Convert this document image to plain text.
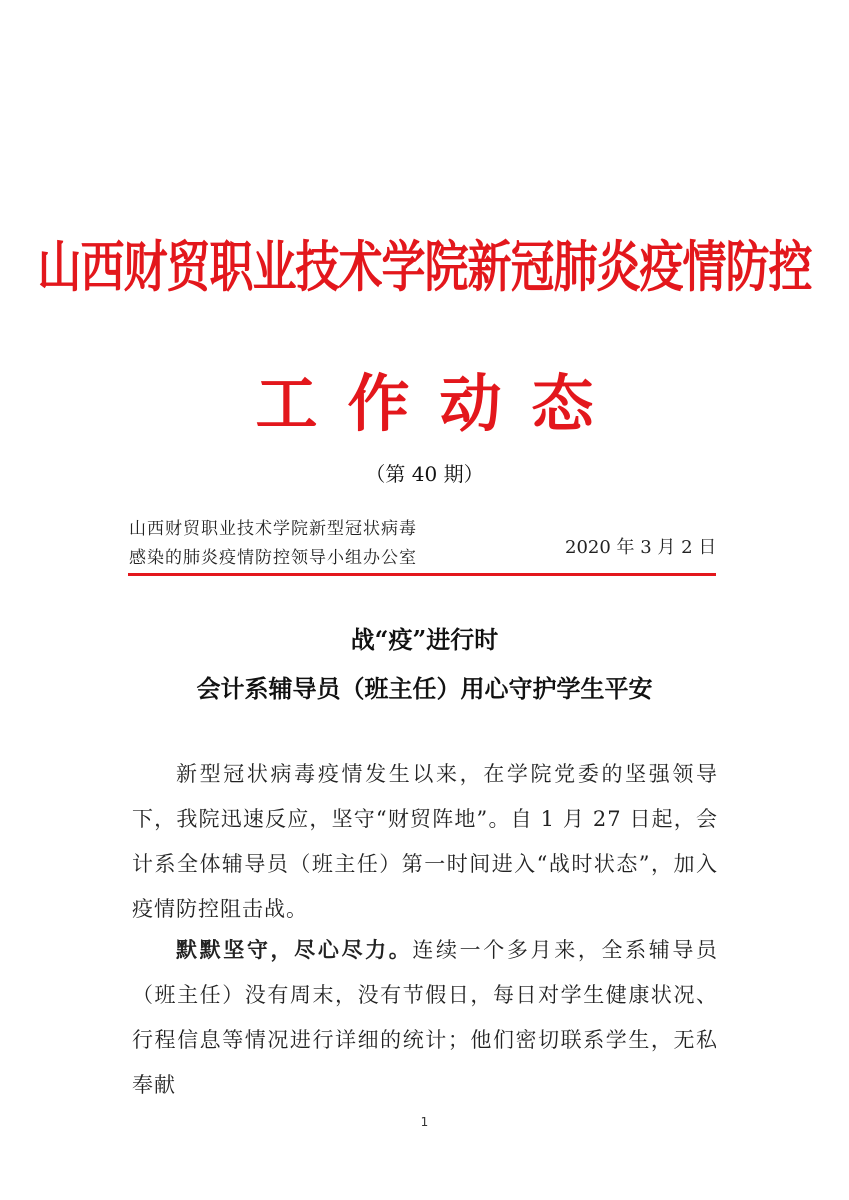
山西财贸职业技术学院新冠肺炎疫情防控
工作动态
（第 40 期）
山西财贸职业技术学院新型冠状病毒
感染的肺炎疫情防控领导小组办公室	2020 年 3 月 2 日
战“疫”进行时
会计系辅导员（班主任）用心守护学生平安
新型冠状病毒疫情发生以来，在学院党委的坚强领导下，我院迅速反应，坚守“财贸阵地”。自 1 月 27 日起，会计系全体辅导员（班主任）第一时间进入“战时状态”，加入疫情防控阻击战。
默默坚守，尽心尽力。连续一个多月来，全系辅导员（班主任）没有周末，没有节假日，每日对学生健康状况、行程信息等情况进行详细的统计；他们密切联系学生，无私奉献
1
